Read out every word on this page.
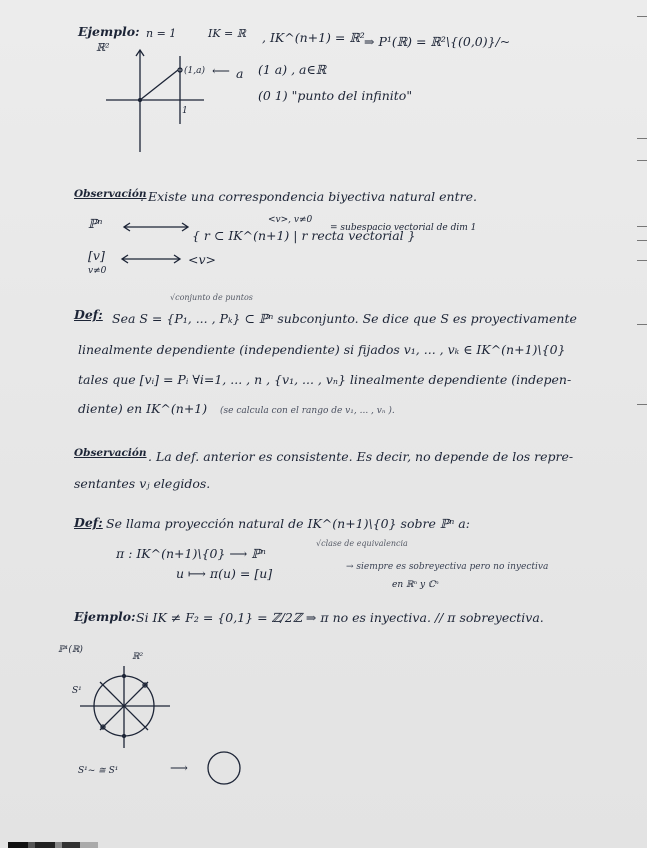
Ejemplo: n = 1	IK = ℝ , IK^(n+1) = ℝ² ⇒ P¹(ℝ) = ℝ²\{(0,0)}/~
ℝ²
(1,a) ⟵ a
1
(1 a) , a∈ℝ
(0 1) "punto del infinito"
Observación
. Existe una correspondencia biyectiva natural entre.
ℙⁿ	<v>, v≠0
= subespacio vectorial de dim 1
{ r ⊂ IK^(n+1) | r recta vectorial }
[v]
v≠0
<v>
√conjunto de puntos
Def: Sea S = {P₁, ... , Pₖ} ⊂ ℙⁿ subconjunto. Se dice que S es proyectivamente
linealmente dependiente (independiente) si fijados v₁, ... , vₖ ∈ IK^(n+1)\{0}
tales que [vᵢ] = Pᵢ ∀i=1, ... , n , {v₁, ... , vₙ} linealmente dependiente (indepen-
diente) en IK^(n+1) (se calcula con el rango de v₁, ... , vₙ ).
Observación . La def. anterior es consistente. Es decir, no depende de los repre-
sentantes vⱼ elegidos.
Def: Se llama proyección natural de IK^(n+1)\{0} sobre ℙⁿ a:
√clase de equivalencia
π : IK^(n+1)\{0} ⟶ ℙⁿ
u ⟼ π(u) = [u]	→ siempre es sobreyectiva pero no inyectiva
en ℝⁿ y ℂⁿ
Ejemplo: Si IK ≠ F₂ = {0,1} = ℤ/2ℤ ⇒ π no es inyectiva. // π sobreyectiva.
ℙ¹(ℝ)
ℝ²
S¹
S¹~ ≅ S¹	⟶
